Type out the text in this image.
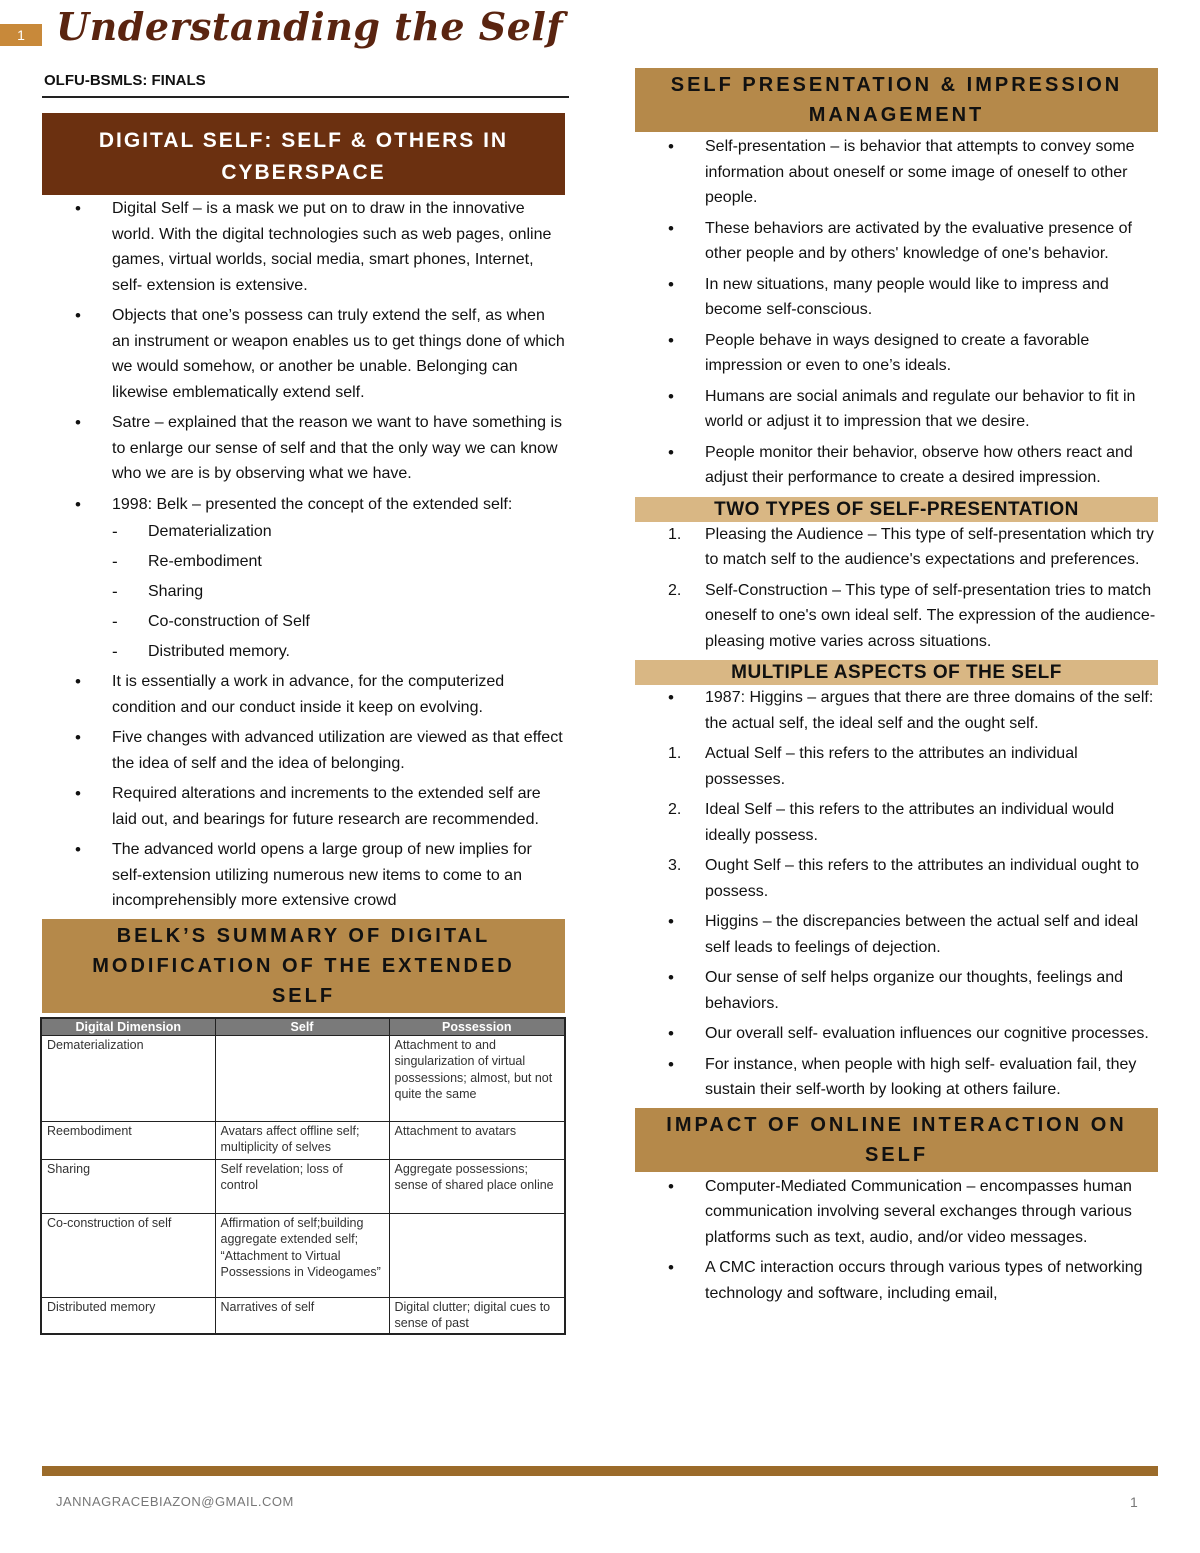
1 Understanding the Self
OLFU-BSMLS: FINALS
DIGITAL SELF: SELF & OTHERS IN CYBERSPACE
• Digital Self – is a mask we put on to draw in the innovative world. With the digital technologies such as web pages, online games, virtual worlds, social media, smart phones, Internet, self- extension is extensive.
• Objects that one’s possess can truly extend the self, as when an instrument or weapon enables us to get things done of which we would somehow, or another be unable. Belonging can likewise emblematically extend self.
• Satre – explained that the reason we want to have something is to enlarge our sense of self and that the only way we can know who we are is by observing what we have.
• 1998: Belk – presented the concept of the extended self:
- Dematerialization
- Re-embodiment
- Sharing
- Co-construction of Self
- Distributed memory.
• It is essentially a work in advance, for the computerized condition and our conduct inside it keep on evolving.
• Five changes with advanced utilization are viewed as that effect the idea of self and the idea of belonging.
• Required alterations and increments to the extended self are laid out, and bearings for future research are recommended.
• The advanced world opens a large group of new implies for self-extension utilizing numerous new items to come to an incomprehensibly more extensive crowd
BELK’S SUMMARY OF DIGITAL MODIFICATION OF THE EXTENDED SELF
Digital Dimension	Self	Possession
Dematerialization		Attachment to and singularization of virtual possessions; almost, but not quite the same
Reembodiment	Avatars affect offline self; multiplicity of selves	Attachment to avatars
Sharing	Self revelation; loss of control	Aggregate possessions; sense of shared place online
Co-construction of self	Affirmation of self;building aggregate extended self; “Attachment to Virtual Possessions in Videogames”	
Distributed memory	Narratives of self	Digital clutter; digital cues to sense of past
SELF PRESENTATION & IMPRESSION MANAGEMENT
• Self-presentation – is behavior that attempts to convey some information about oneself or some image of oneself to other people.
• These behaviors are activated by the evaluative presence of other people and by others' knowledge of one's behavior.
• In new situations, many people would like to impress and become self-conscious.
• People behave in ways designed to create a favorable impression or even to one’s ideals.
• Humans are social animals and regulate our behavior to fit in world or adjust it to impression that we desire.
• People monitor their behavior, observe how others react and adjust their performance to create a desired impression.
TWO TYPES OF SELF-PRESENTATION
1. Pleasing the Audience – This type of self-presentation which try to match self to the audience's expectations and preferences.
2. Self-Construction – This type of self-presentation tries to match oneself to one's own ideal self. The expression of the audience-pleasing motive varies across situations.
MULTIPLE ASPECTS OF THE SELF
• 1987: Higgins – argues that there are three domains of the self: the actual self, the ideal self and the ought self.
1. Actual Self – this refers to the attributes an individual possesses.
2. Ideal Self – this refers to the attributes an individual would ideally possess.
3. Ought Self – this refers to the attributes an individual ought to possess.
• Higgins – the discrepancies between the actual self and ideal self leads to feelings of dejection.
• Our sense of self helps organize our thoughts, feelings and behaviors.
• Our overall self- evaluation influences our cognitive processes.
• For instance, when people with high self- evaluation fail, they sustain their self-worth by looking at others failure.
IMPACT OF ONLINE INTERACTION ON SELF
• Computer-Mediated Communication – encompasses human communication involving several exchanges through various platforms such as text, audio, and/or video messages.
• A CMC interaction occurs through various types of networking technology and software, including email,
JANNAGRACEBIAZON@GMAIL.COM	1
